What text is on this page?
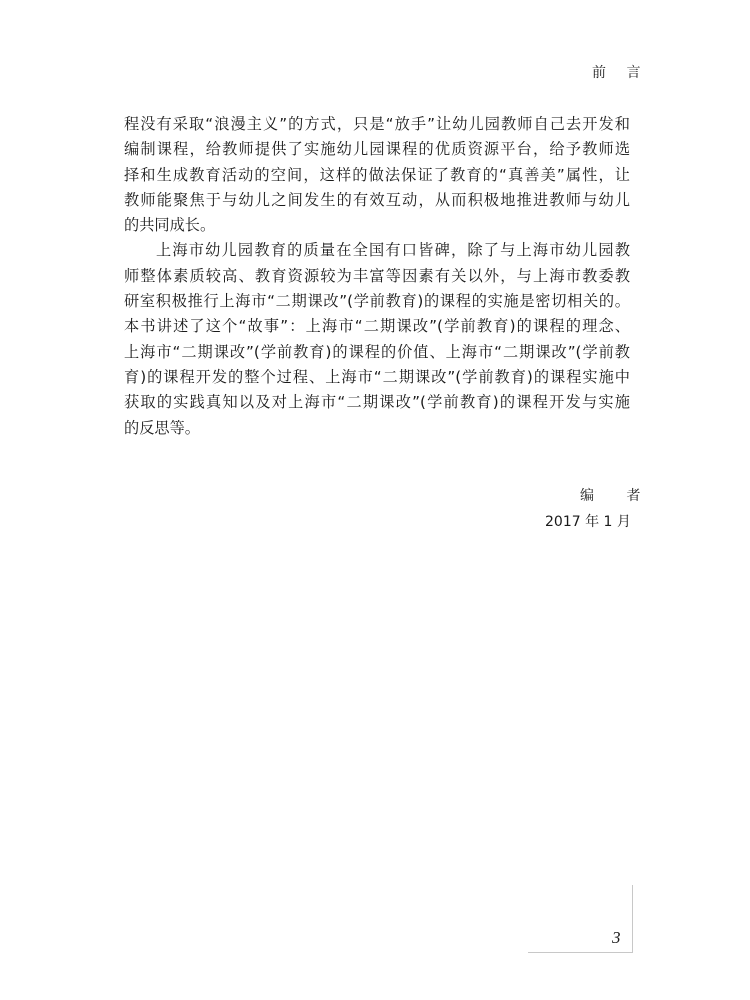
前 言
程没有采取“浪漫主义”的方式，只是“放手”让幼儿园教师自己去开发和
编制课程，给教师提供了实施幼儿园课程的优质资源平台，给予教师选
择和生成教育活动的空间，这样的做法保证了教育的“真善美”属性，让
教师能聚焦于与幼儿之间发生的有效互动，从而积极地推进教师与幼儿
的共同成长。
上海市幼儿园教育的质量在全国有口皆碑，除了与上海市幼儿园教
师整体素质较高、教育资源较为丰富等因素有关以外，与上海市教委教
研室积极推行上海市“二期课改”(学前教育)的课程的实施是密切相关的。
本书讲述了这个“故事”：上海市“二期课改”(学前教育)的课程的理念、
上海市“二期课改”(学前教育)的课程的价值、上海市“二期课改”(学前教
育)的课程开发的整个过程、上海市“二期课改”(学前教育)的课程实施中
获取的实践真知以及对上海市“二期课改”(学前教育)的课程开发与实施
的反思等。
编 者
2017 年 1 月
3
